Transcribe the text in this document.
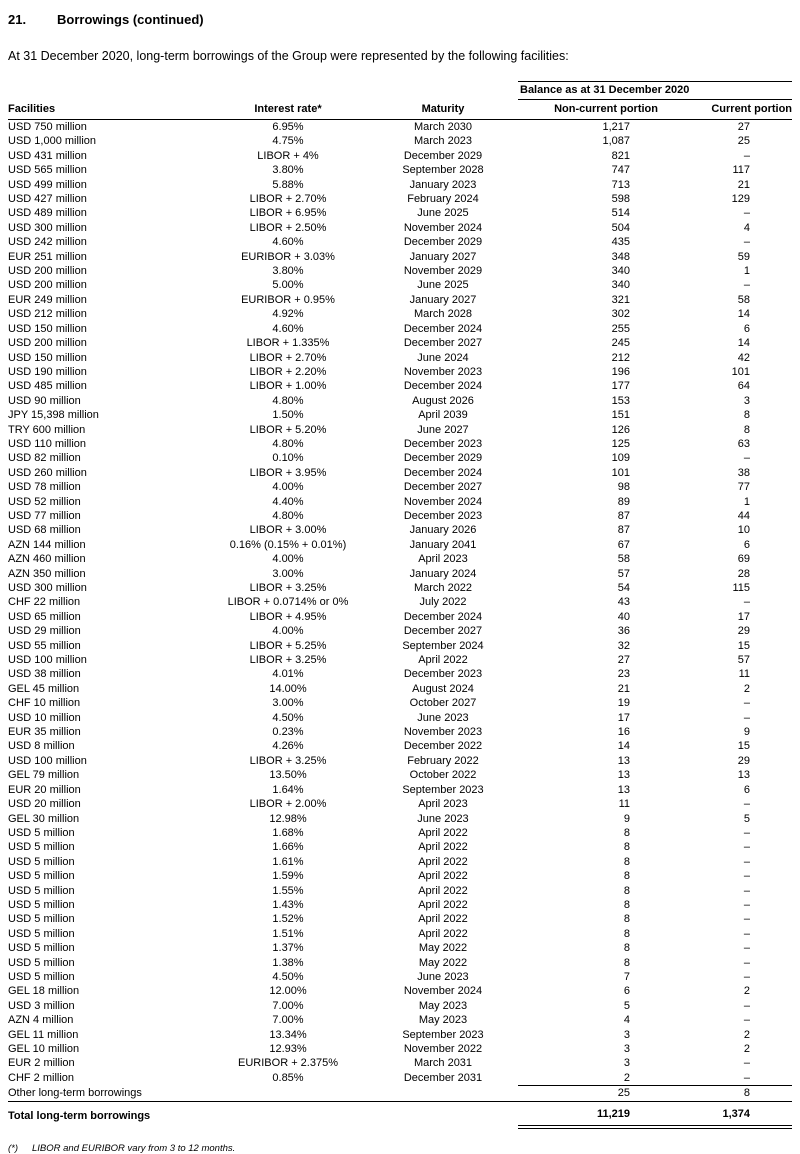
21. Borrowings (continued)

At 31 December 2020, long-term borrowings of the Group were represented by the following facilities:

			Balance as at 31 December 2020	
Facilities	Interest rate*	Maturity	Non-current portion	Current portion
USD 750 million	6.95%	March 2030	1,217	27
USD 1,000 million	4.75%	March 2023	1,087	25
USD 431 million	LIBOR + 4%	December 2029	821	–
USD 565 million	3.80%	September 2028	747	117
USD 499 million	5.88%	January 2023	713	21
USD 427 million	LIBOR + 2.70%	February 2024	598	129
USD 489 million	LIBOR + 6.95%	June 2025	514	–
USD 300 million	LIBOR + 2.50%	November 2024	504	4
USD 242 million	4.60%	December 2029	435	–
EUR 251 million	EURIBOR + 3.03%	January 2027	348	59
USD 200 million	3.80%	November 2029	340	1
USD 200 million	5.00%	June 2025	340	–
EUR 249 million	EURIBOR + 0.95%	January 2027	321	58
USD 212 million	4.92%	March 2028	302	14
USD 150 million	4.60%	December 2024	255	6
USD 200 million	LIBOR + 1.335%	December 2027	245	14
USD 150 million	LIBOR + 2.70%	June 2024	212	42
USD 190 million	LIBOR + 2.20%	November 2023	196	101
USD 485 million	LIBOR + 1.00%	December 2024	177	64
USD 90 million	4.80%	August 2026	153	3
JPY 15,398 million	1.50%	April 2039	151	8
TRY 600 million	LIBOR + 5.20%	June 2027	126	8
USD 110 million	4.80%	December 2023	125	63
USD 82 million	0.10%	December 2029	109	–
USD 260 million	LIBOR + 3.95%	December 2024	101	38
USD 78 million	4.00%	December 2027	98	77
USD 52 million	4.40%	November 2024	89	1
USD 77 million	4.80%	December 2023	87	44
USD 68 million	LIBOR + 3.00%	January 2026	87	10
AZN 144 million	0.16% (0.15% + 0.01%)	January 2041	67	6
AZN 460 million	4.00%	April 2023	58	69
AZN 350 million	3.00%	January 2024	57	28
USD 300 million	LIBOR + 3.25%	March 2022	54	115
CHF 22 million	LIBOR + 0.0714% or 0%	July 2022	43	–
USD 65 million	LIBOR + 4.95%	December 2024	40	17
USD 29 million	4.00%	December 2027	36	29
USD 55 million	LIBOR + 5.25%	September 2024	32	15
USD 100 million	LIBOR + 3.25%	April 2022	27	57
USD 38 million	4.01%	December 2023	23	11
GEL 45 million	14.00%	August 2024	21	2
CHF 10 million	3.00%	October 2027	19	–
USD 10 million	4.50%	June 2023	17	–
EUR 35 million	0.23%	November 2023	16	9
USD 8 million	4.26%	December 2022	14	15
USD 100 million	LIBOR + 3.25%	February 2022	13	29
GEL 79 million	13.50%	October 2022	13	13
EUR 20 million	1.64%	September 2023	13	6
USD 20 million	LIBOR + 2.00%	April 2023	11	–
GEL 30 million	12.98%	June 2023	9	5
USD 5 million	1.68%	April 2022	8	–
USD 5 million	1.66%	April 2022	8	–
USD 5 million	1.61%	April 2022	8	–
USD 5 million	1.59%	April 2022	8	–
USD 5 million	1.55%	April 2022	8	–
USD 5 million	1.43%	April 2022	8	–
USD 5 million	1.52%	April 2022	8	–
USD 5 million	1.51%	April 2022	8	–
USD 5 million	1.37%	May 2022	8	–
USD 5 million	1.38%	May 2022	8	–
USD 5 million	4.50%	June 2023	7	–
GEL 18 million	12.00%	November 2024	6	2
USD 3 million	7.00%	May 2023	5	–
AZN 4 million	7.00%	May 2023	4	–
GEL 11 million	13.34%	September 2023	3	2
GEL 10 million	12.93%	November 2022	3	2
EUR 2 million	EURIBOR + 2.375%	March 2031	3	–
CHF 2 million	0.85%	December 2031	2	–
Other long-term borrowings			25	8
Total long-term borrowings			11,219	1,374

(*) LIBOR and EURIBOR vary from 3 to 12 months.
